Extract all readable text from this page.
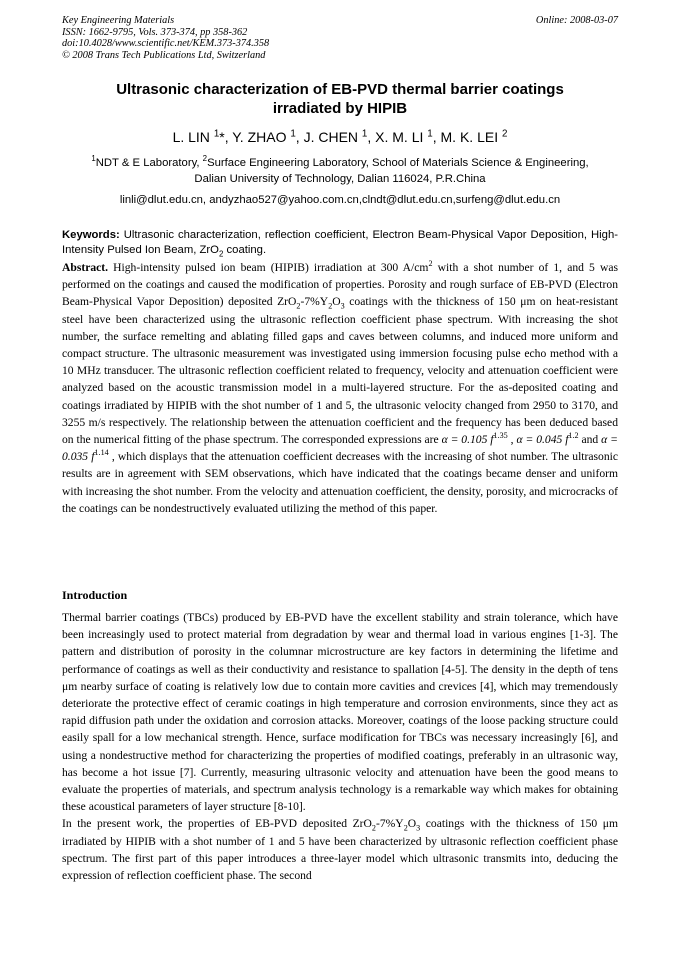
Key Engineering Materials
ISSN: 1662-9795, Vols. 373-374, pp 358-362
doi:10.4028/www.scientific.net/KEM.373-374.358
© 2008 Trans Tech Publications Ltd, Switzerland
Online: 2008-03-07
Ultrasonic characterization of EB-PVD thermal barrier coatings
irradiated by HIPIB
L. LIN $^1$*, Y. ZHAO $^1$, J. CHEN $^1$, X. M. LI $^1$, M. K. LEI $^2$
$^1$NDT & E Laboratory, $^2$Surface Engineering Laboratory, School of Materials Science & Engineering,
Dalian University of Technology, Dalian 116024, P.R.China
linli@dlut.edu.cn, andyzhao527@yahoo.com.cn,clndt@dlut.edu.cn,surfeng@dlut.edu.cn
Keywords: Ultrasonic characterization, reflection coefficient, Electron Beam-Physical Vapor Deposition, High-Intensity Pulsed Ion Beam, ZrO$_2$ coating.
Abstract. High-intensity pulsed ion beam (HIPIB) irradiation at 300 $A/cm^2$ with a shot number of 1, and 5 was performed on the coatings and caused the modification of properties. Porosity and rough surface of EB-PVD (Electron Beam-Physical Vapor Deposition) deposited $ZrO_2-7\%Y_2O_3$ coatings with the thickness of 150 μm on heat-resistant steel have been characterized using the ultrasonic reflection coefficient phase spectrum. With increasing the shot number, the surface remelting and ablating filled gaps and caves between columns, and induced more uniform and compact structure. The ultrasonic measurement was investigated using immersion focusing pulse echo method with a 10 MHz transducer. The ultrasonic reflection coefficient related to frequency, velocity and attenuation coefficient were analyzed based on the acoustic transmission model in a multi-layered structure. For the as-deposited coating and coatings irradiated by HIPIB with the shot number of 1 and 5, the ultrasonic velocity changed from 2950 to 3170, and 3255 m/s respectively. The relationship between the attenuation coefficient and the frequency has been deduced based on the numerical fitting of the phase spectrum. The corresponded expressions are α = 0.105 $f^{1.35}$ , α = 0.045 $f^{1.2}$ and α = 0.035 $f^{1.14}$ , which displays that the attenuation coefficient decreases with the increasing of shot number. The ultrasonic results are in agreement with SEM observations, which have indicated that the coatings became denser and uniform with increasing the shot number. From the velocity and attenuation coefficient, the density, porosity, and microcracks of the coatings can be nondestructively evaluated utilizing the method of this paper.
Introduction

Thermal barrier coatings (TBCs) produced by EB-PVD have the excellent stability and strain tolerance, which have been increasingly used to protect material from degradation by wear and thermal load in various engines [1-3]. The pattern and distribution of porosity in the columnar microstructure are key factors in determining the lifetime and performance of coatings as well as their conductivity and resistance to spallation [4-5]. The density in the depth of tens μm nearby surface of coating is relatively low due to contain more cavities and crevices [4], which may tremendously deteriorate the protective effect of ceramic coatings in high temperature and corrosion environments, since they act as rapid diffusion path under the oxidation and corrosion attacks. Moreover, coatings of the loose packing structure could easily spall for a low mechanical strength. Hence, surface modification for TBCs was necessary increasingly [6], and using a nondestructive method for characterizing the properties of modified coatings, preferably in an ultrasonic way, has become a hot issue [7]. Currently, measuring ultrasonic velocity and attenuation have been the good means to evaluate the properties of materials, and spectrum analysis technology is a remarkable way which makes for obtaining these acoustical parameters of layer structure [8-10].

In the present work, the properties of EB-PVD deposited $ZrO_2-7\%Y_2O_3$ coatings with the thickness of 150 μm irradiated by HIPIB with a shot number of 1 and 5 have been characterized by ultrasonic reflection coefficient phase spectrum. The first part of this paper introduces a three-layer model which ultrasonic transmits into, deducing the expression of reflection coefficient phase. The second
